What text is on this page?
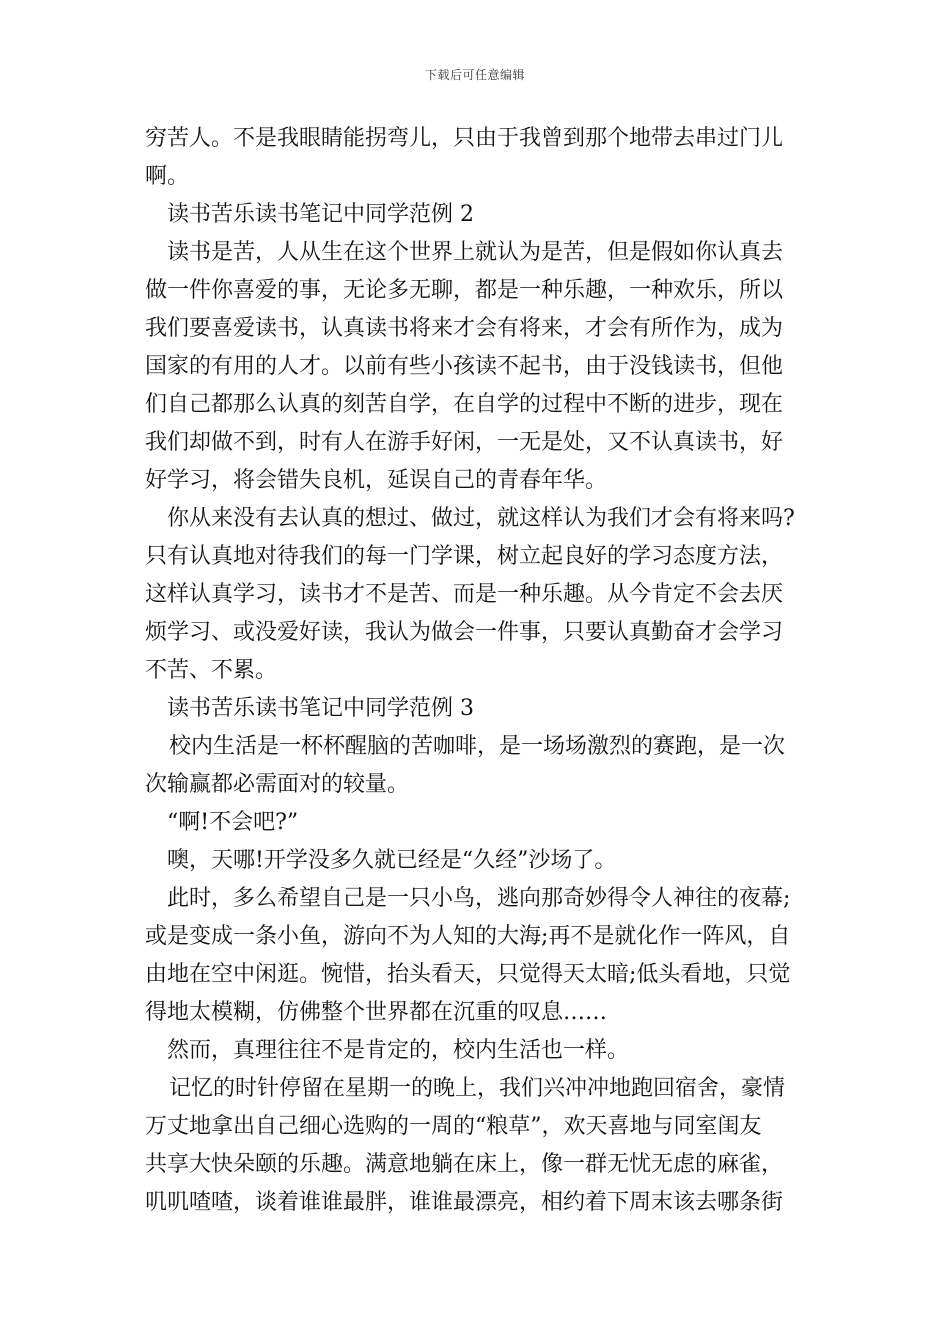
下载后可任意编辑
穷苦人。不是我眼睛能拐弯儿，只由于我曾到那个地带去串过门儿
啊。
读书苦乐读书笔记中同学范例 2
读书是苦，人从生在这个世界上就认为是苦，但是假如你认真去
做一件你喜爱的事，无论多无聊，都是一种乐趣，一种欢乐，所以
我们要喜爱读书，认真读书将来才会有将来，才会有所作为，成为
国家的有用的人才。以前有些小孩读不起书，由于没钱读书，但他
们自己都那么认真的刻苦自学，在自学的过程中不断的进步，现在
我们却做不到，时有人在游手好闲，一无是处，又不认真读书，好
好学习，将会错失良机，延误自己的青春年华。
你从来没有去认真的想过、做过，就这样认为我们才会有将来吗?
只有认真地对待我们的每一门学课，树立起良好的学习态度方法，
这样认真学习，读书才不是苦、而是一种乐趣。从今肯定不会去厌
烦学习、或没爱好读，我认为做会一件事，只要认真勤奋才会学习
不苦、不累。
读书苦乐读书笔记中同学范例 3
校内生活是一杯杯醒脑的苦咖啡，是一场场激烈的赛跑，是一次
次输赢都必需面对的较量。
“啊!不会吧?”
噢，天哪!开学没多久就已经是“久经”沙场了。
此时，多么希望自己是一只小鸟，逃向那奇妙得令人神往的夜幕;
或是变成一条小鱼，游向不为人知的大海;再不是就化作一阵风，自
由地在空中闲逛。惋惜，抬头看天，只觉得天太暗;低头看地，只觉
得地太模糊，仿佛整个世界都在沉重的叹息……
然而，真理往往不是肯定的，校内生活也一样。
记忆的时针停留在星期一的晚上，我们兴冲冲地跑回宿舍，豪情
万丈地拿出自己细心选购的一周的“粮草”，欢天喜地与同室闺友
共享大快朵颐的乐趣。满意地躺在床上，像一群无忧无虑的麻雀，
叽叽喳喳，谈着谁谁最胖，谁谁最漂亮，相约着下周末该去哪条街
